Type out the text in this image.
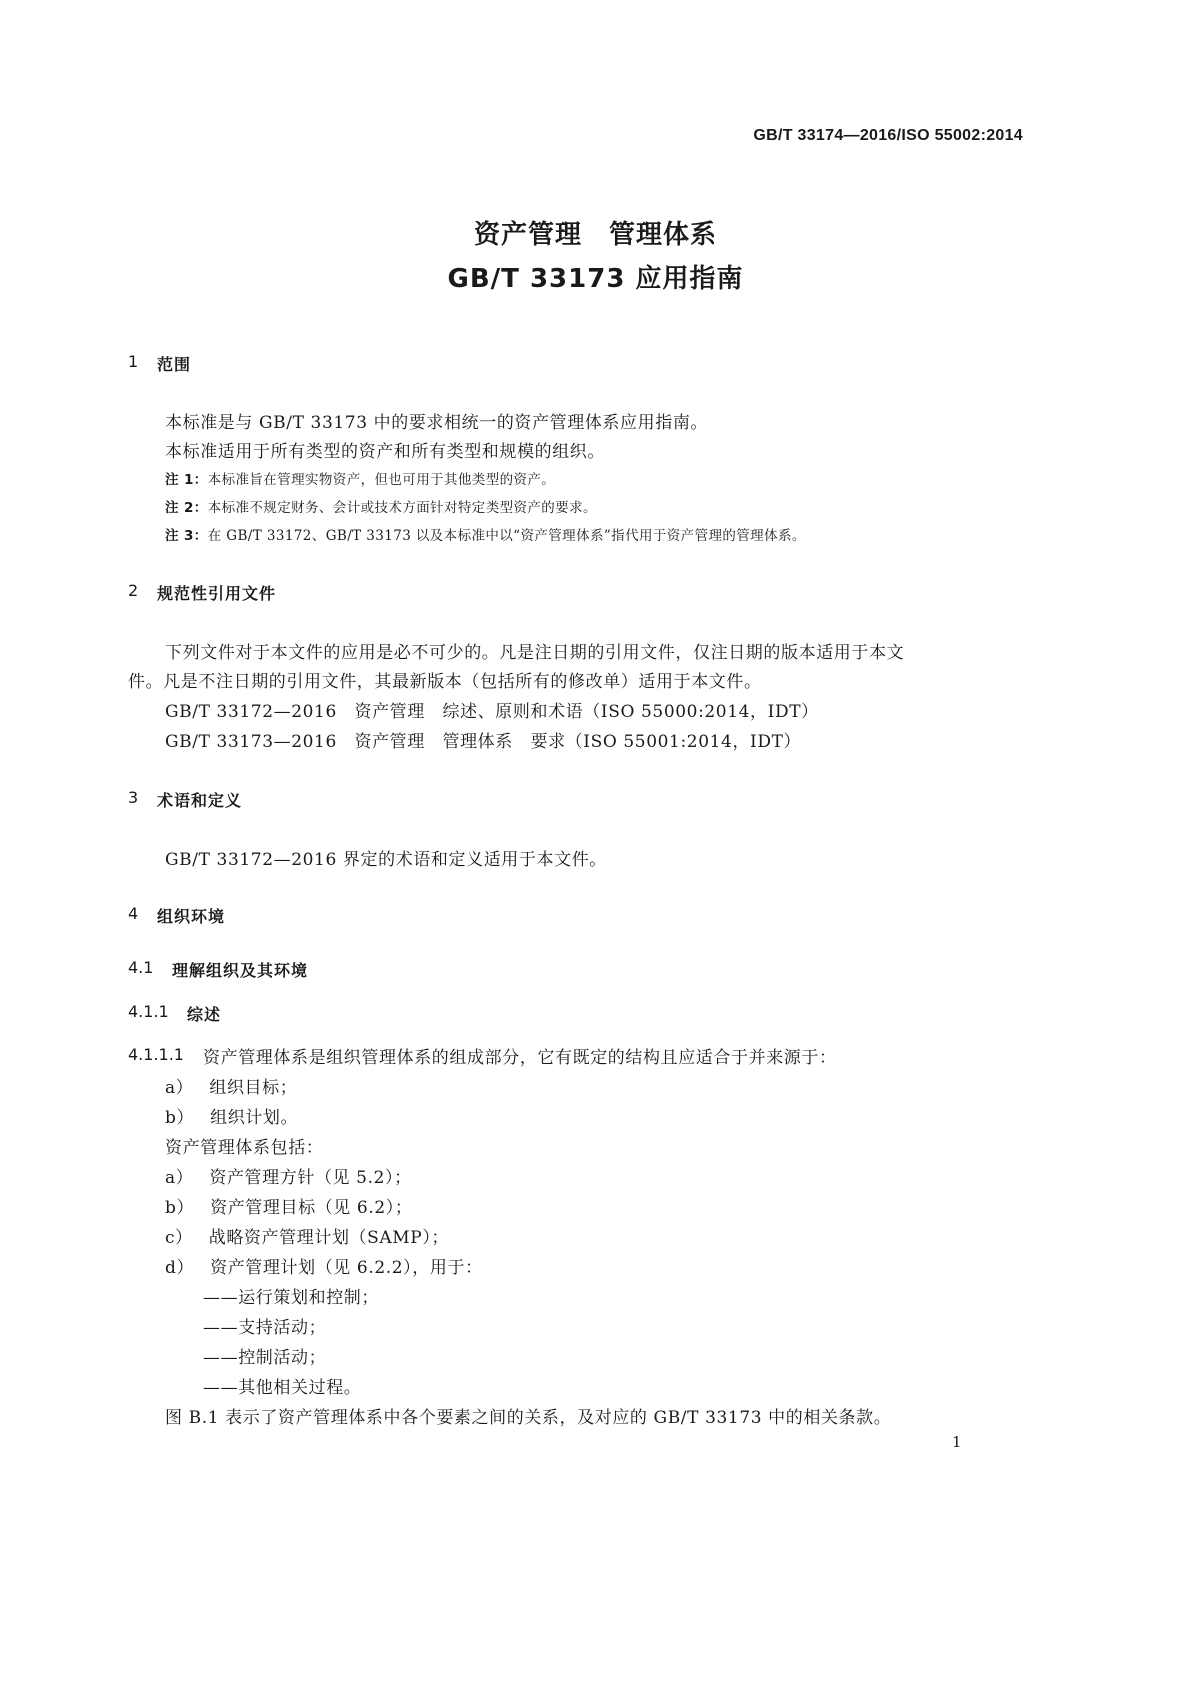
GB/T 33174—2016/ISO 55002:2014
资产管理　管理体系
GB/T 33173 应用指南
1 范围
本标准是与 GB/T 33173 中的要求相统一的资产管理体系应用指南。
本标准适用于所有类型的资产和所有类型和规模的组织。
注 1：本标准旨在管理实物资产，但也可用于其他类型的资产。
注 2：本标准不规定财务、会计或技术方面针对特定类型资产的要求。
注 3：在 GB/T 33172、GB/T 33173 以及本标准中以“资产管理体系”指代用于资产管理的管理体系。
2 规范性引用文件
下列文件对于本文件的应用是必不可少的。凡是注日期的引用文件，仅注日期的版本适用于本文
件。凡是不注日期的引用文件，其最新版本（包括所有的修改单）适用于本文件。
GB/T 33172—2016　资产管理　综述、原则和术语（ISO 55000:2014，IDT）
GB/T 33173—2016　资产管理　管理体系　要求（ISO 55001:2014，IDT）
3 术语和定义
GB/T 33172—2016 界定的术语和定义适用于本文件。
4 组织环境
4.1 理解组织及其环境
4.1.1 综述
4.1.1.1 资产管理体系是组织管理体系的组成部分，它有既定的结构且应适合于并来源于：
a） 组织目标；
b） 组织计划。
资产管理体系包括：
a） 资产管理方针（见 5.2）；
b） 资产管理目标（见 6.2）；
c） 战略资产管理计划（SAMP）；
d） 资产管理计划（见 6.2.2），用于：
——运行策划和控制；
——支持活动；
——控制活动；
——其他相关过程。
图 B.1 表示了资产管理体系中各个要素之间的关系，及对应的 GB/T 33173 中的相关条款。
1
